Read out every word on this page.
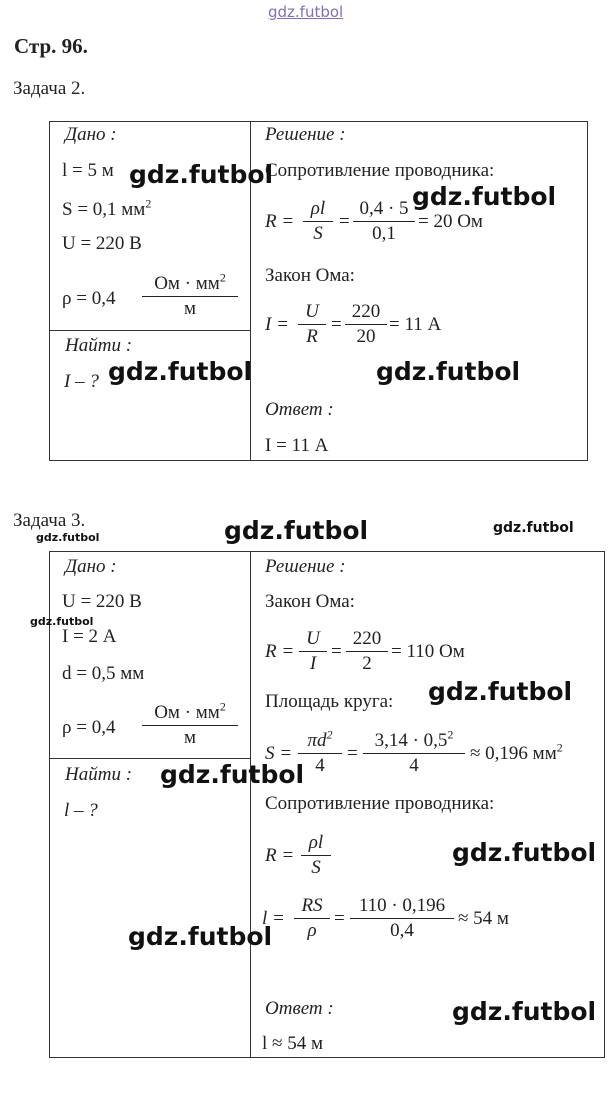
gdz.futbol
Стр. 96.
Задача 2.
Дано :
l = 5 м
S = 0,1 $мм^2$
U = 220 В
ρ = 0,4
Ом · $мм^2$
м
Найти :
I – ?
Решение :
Сопротивление проводника:
$R = \frac{\rho l}{S} = \frac{0,4 \cdot 5}{0,1} = 20$ Ом
Закон Ома:
$I = \frac{U}{R} = \frac{220}{20} = 11$ А
Ответ :
I = 11 А
Задача 3.
Дано :
U = 220 В
I = 2 А
d = 0,5 мм
ρ = 0,4
Ом · $мм^2$
м
Найти :
l – ?
Решение :
Закон Ома:
$R = \frac{U}{I} = \frac{220}{2} = 110$ Ом
Площадь круга:
$S = \frac{\pi d^2}{4} = \frac{3,14 \cdot 0,5^2}{4} \approx 0,196$ $мм^2$
Сопротивление проводника:
$R = \frac{\rho l}{S}$
$l = \frac{RS}{\rho} = \frac{110 \cdot 0,196}{0,4} \approx 54$ м
Ответ :
l ≈ 54 м
gdz.futbol
gdz.futbol
gdz.futbol	gdz.futbol
gdz.futbol	gdz.futbol
gdz.futbol
gdz.futbol
gdz.futbol
gdz.futbol
gdz.futbol
gdz.futbol
gdz.futbol
